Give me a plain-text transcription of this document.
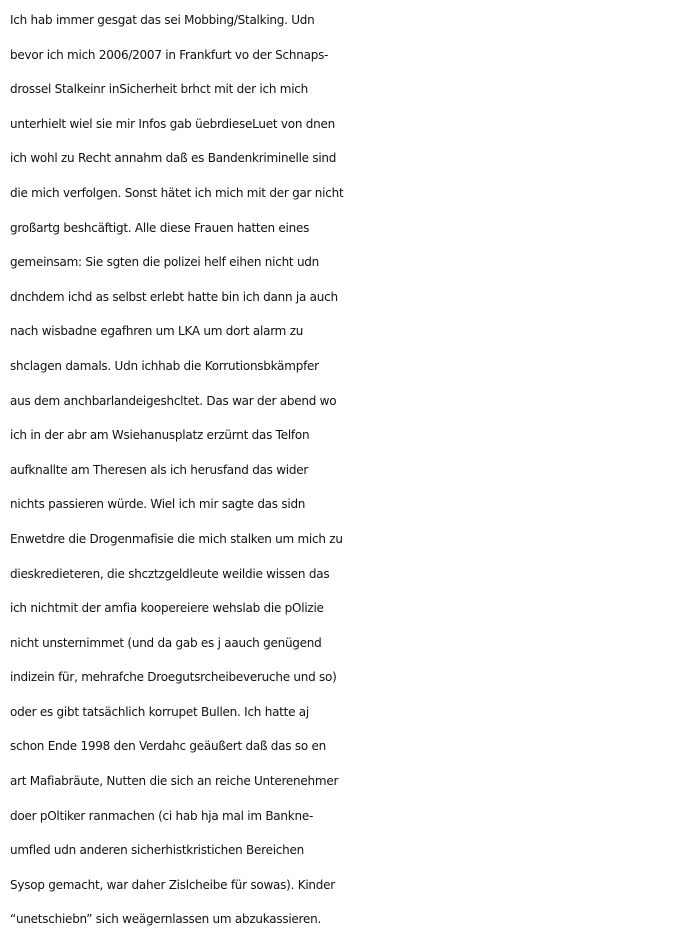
Ich hab immer gesgat das sei Mobbing/Stalking. Udn
bevor ich mich 2006/2007 in Frankfurt vo der Schnaps-
drossel Stalkeinr inSicherheit brhct mit der ich mich
unterhielt wiel sie mir Infos gab üebrdieseLuet von dnen
ich wohl zu Recht annahm daß es Bandenkriminelle sind
die mich verfolgen. Sonst hätet ich mich mit der gar nicht
großartg beshcäftigt. Alle diese Frauen hatten eines
gemeinsam: Sie sgten die polizei helf eihen nicht udn
dnchdem ichd as selbst erlebt hatte bin ich dann ja auch
nach wisbadne egafhren um LKA um dort alarm zu
shclagen damals. Udn ichhab die Korrutionsbkämpfer
aus dem anchbarlandeigeshcltet. Das war der abend wo
ich in der abr am Wsiehanusplatz erzürnt das Telfon
aufknallte am Theresen als ich herusfand das wider
nichts passieren würde. Wiel ich mir sagte das sidn
Enwetdre die Drogenmafisie die mich stalken um mich zu
dieskredieteren, die shcztzgeldleute weildie wissen das
ich nichtmit der amfia koopereiere wehslab die pOlizie
nicht unsternimmet (und da gab es j aauch genügend
indizein für, mehrafche Droegutsrcheibeveruche und so)
oder es gibt tatsächlich korrupet Bullen. Ich hatte aj
schon Ende 1998 den Verdahc geäußert daß das so en
art Mafiabräute, Nutten die sich an reiche Unterenehmer
doer pOltiker ranmachen (ci hab hja mal im Bankne-
umfled udn anderen sicherhistkristichen Bereichen
Sysop gemacht, war daher Zislcheibe für sowas). Kinder
“unetschiebn” sich weägernlassen um abzukassieren.
